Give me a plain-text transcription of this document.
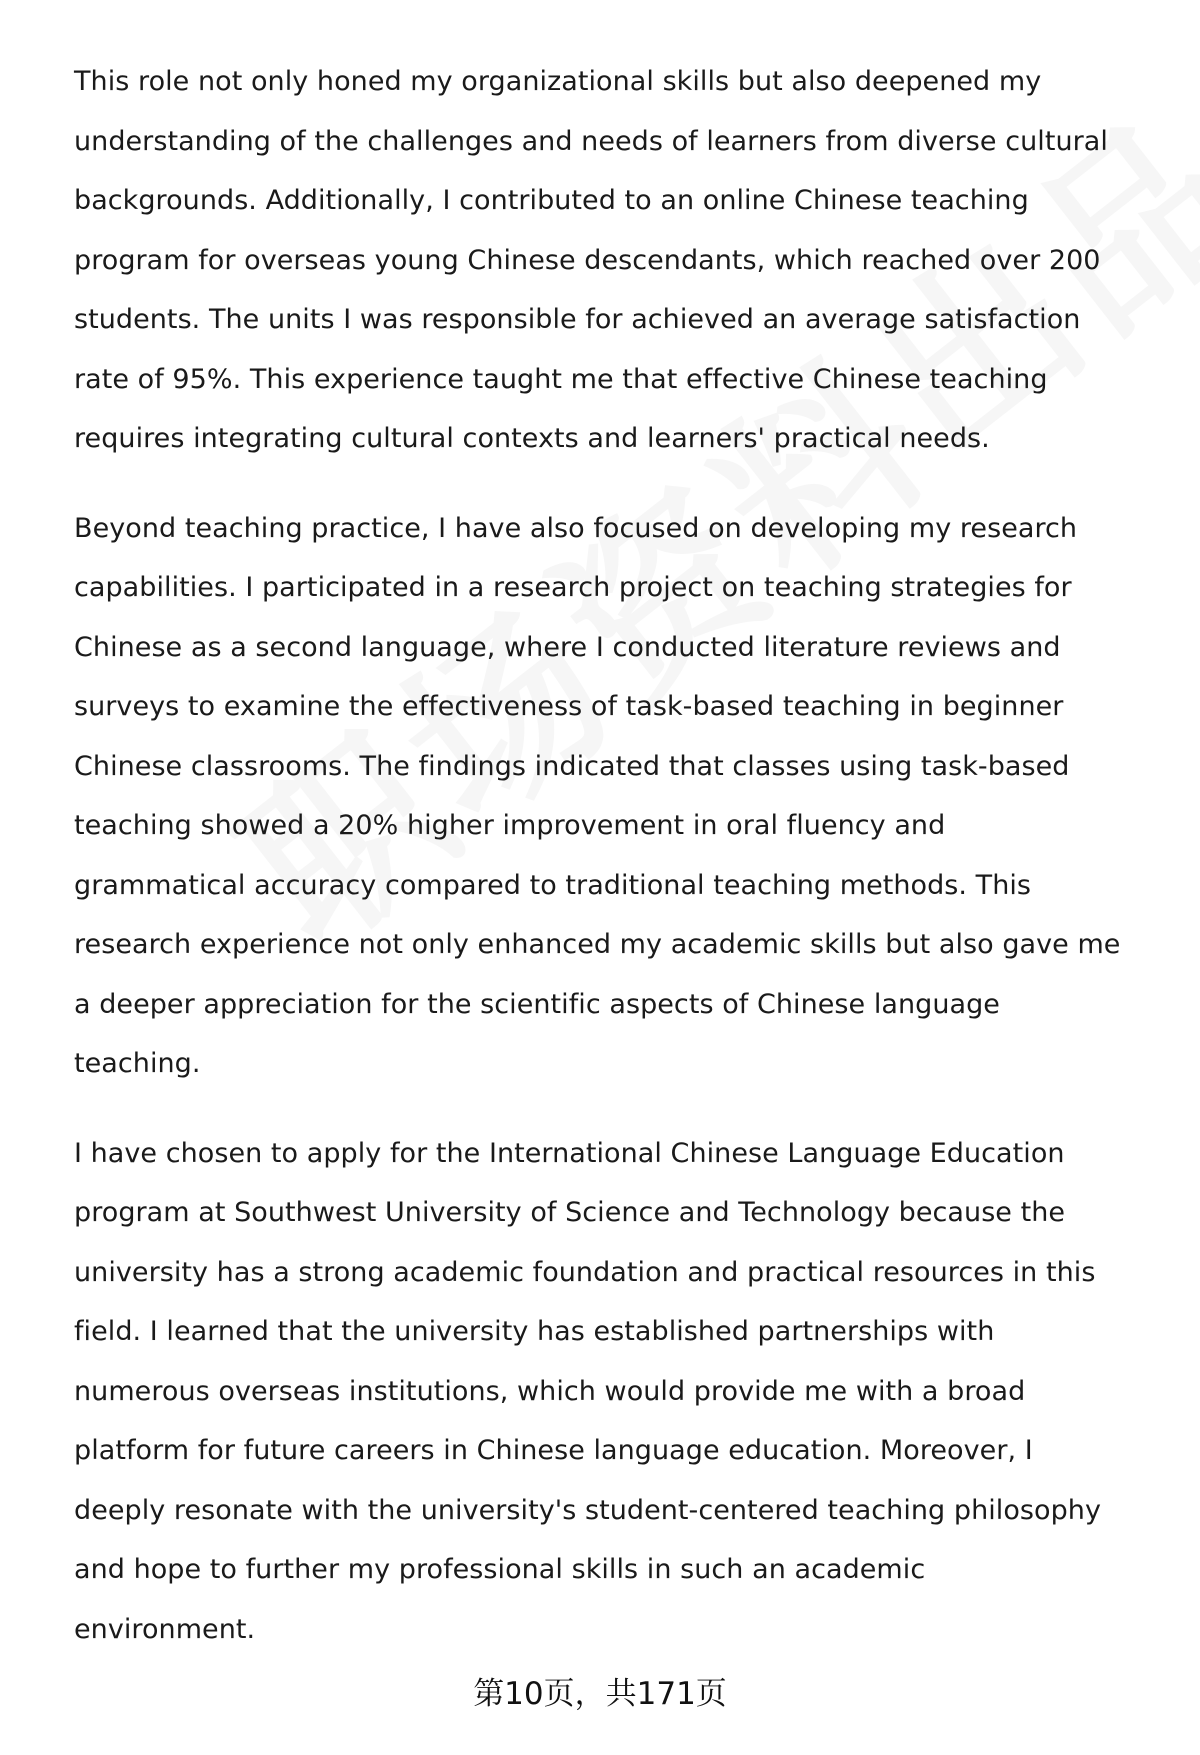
This role not only honed my organizational skills but also deepened my
understanding of the challenges and needs of learners from diverse cultural
backgrounds. Additionally, I contributed to an online Chinese teaching
program for overseas young Chinese descendants, which reached over 200
students. The units I was responsible for achieved an average satisfaction
rate of 95%. This experience taught me that effective Chinese teaching
requires integrating cultural contexts and learners' practical needs.

Beyond teaching practice, I have also focused on developing my research
capabilities. I participated in a research project on teaching strategies for
Chinese as a second language, where I conducted literature reviews and
surveys to examine the effectiveness of task-based teaching in beginner
Chinese classrooms. The findings indicated that classes using task-based
teaching showed a 20% higher improvement in oral fluency and
grammatical accuracy compared to traditional teaching methods. This
research experience not only enhanced my academic skills but also gave me
a deeper appreciation for the scientific aspects of Chinese language
teaching.

I have chosen to apply for the International Chinese Language Education
program at Southwest University of Science and Technology because the
university has a strong academic foundation and practical resources in this
field. I learned that the university has established partnerships with
numerous overseas institutions, which would provide me with a broad
platform for future careers in Chinese language education. Moreover, I
deeply resonate with the university's student-centered teaching philosophy
and hope to further my professional skills in such an academic
environment.

第10页，共171页
